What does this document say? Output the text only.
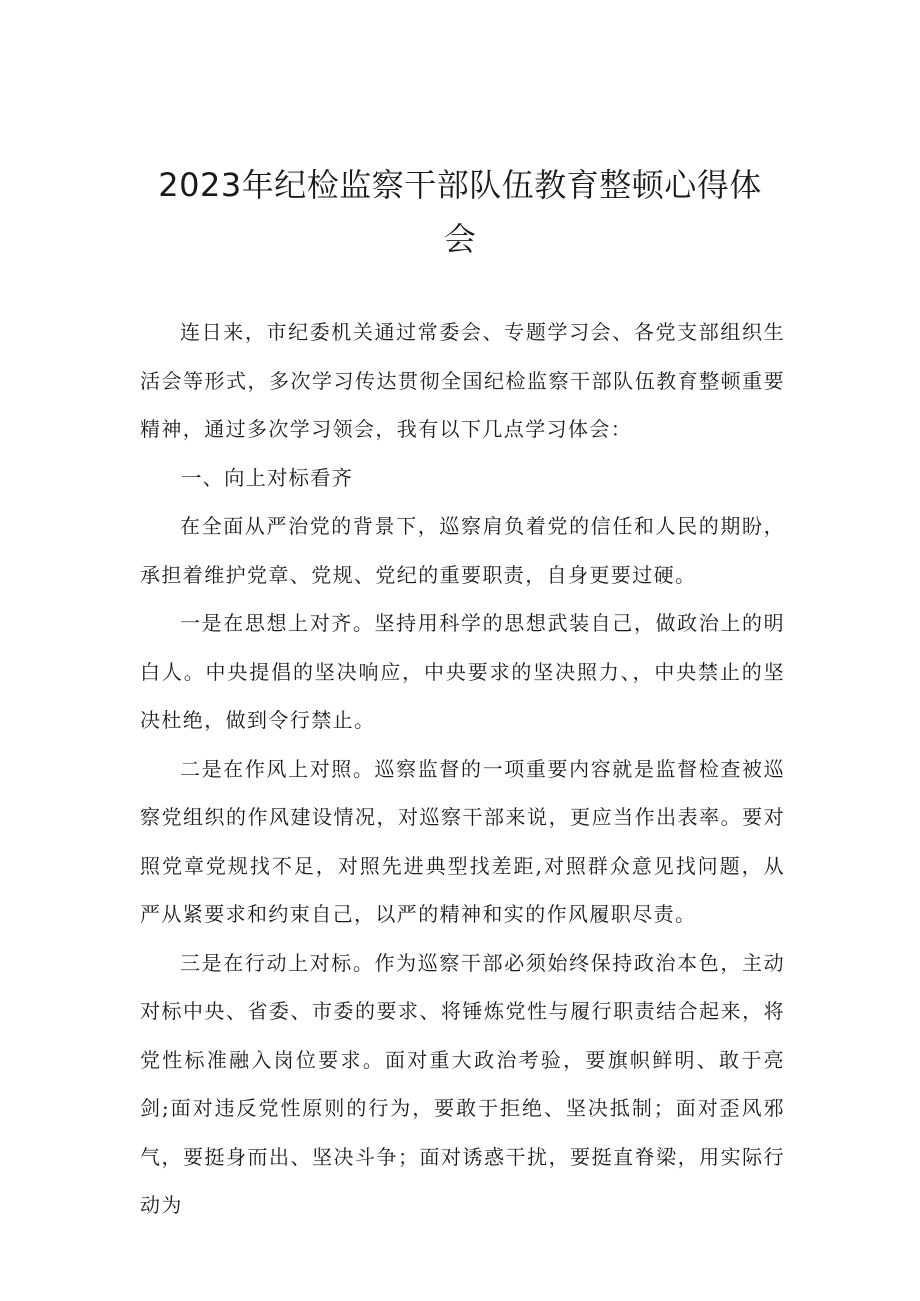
2023年纪检监察干部队伍教育整顿心得体
会

连日来，市纪委机关通过常委会、专题学习会、各党支部组织生活会等形式，多次学习传达贯彻全国纪检监察干部队伍教育整顿重要精神，通过多次学习领会，我有以下几点学习体会：

一、向上对标看齐

在全面从严治党的背景下，巡察肩负着党的信任和人民的期盼，承担着维护党章、党规、党纪的重要职责，自身更要过硬。

一是在思想上对齐。坚持用科学的思想武装自己，做政治上的明白人。中央提倡的坚决响应，中央要求的坚决照力、，中央禁止的坚决杜绝，做到令行禁止。

二是在作风上对照。巡察监督的一项重要内容就是监督检查被巡察党组织的作风建设情况，对巡察干部来说，更应当作出表率。要对照党章党规找不足，对照先进典型找差距,对照群众意见找问题，从严从紧要求和约束自己，以严的精神和实的作风履职尽责。

三是在行动上对标。作为巡察干部必须始终保持政治本色，主动对标中央、省委、市委的要求、将锤炼党性与履行职责结合起来，将党性标准融入岗位要求。面对重大政治考验，要旗帜鲜明、敢于亮剑;面对违反党性原则的行为，要敢于拒绝、坚决抵制；面对歪风邪气，要挺身而出、坚决斗争；面对诱惑干扰，要挺直脊梁，用实际行动为
